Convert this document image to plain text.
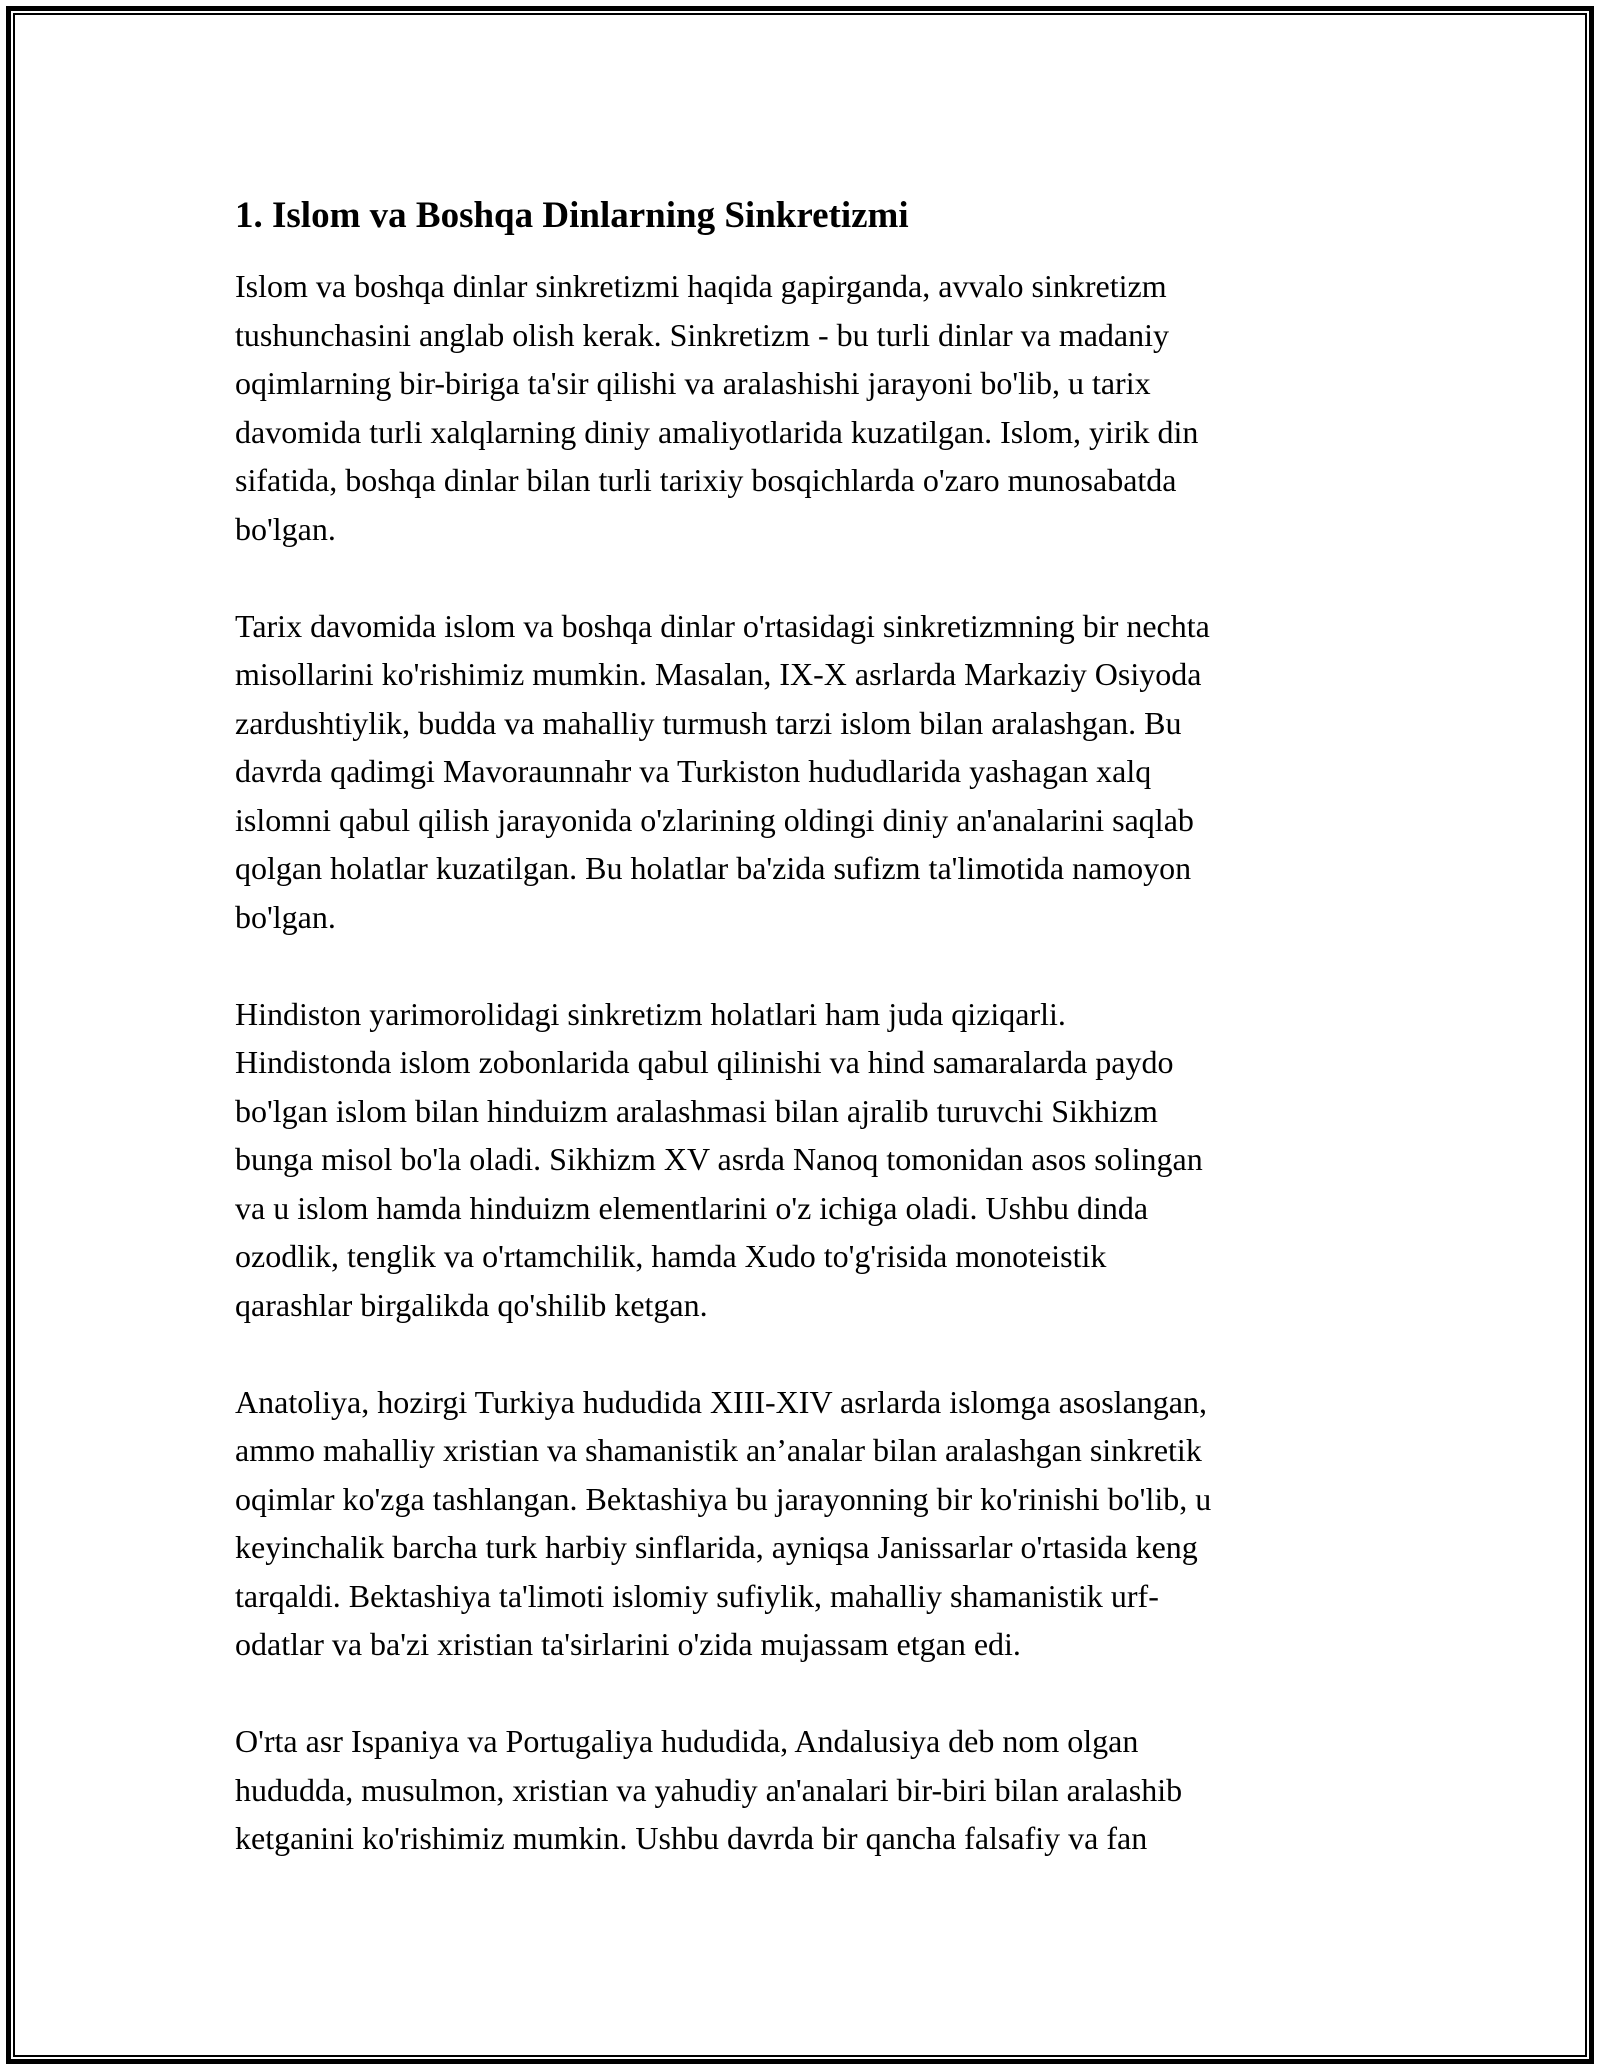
1. Islom va Boshqa Dinlarning Sinkretizmi
Islom va boshqa dinlar sinkretizmi haqida gapirganda, avvalo sinkretizm
tushunchasini anglab olish kerak. Sinkretizm - bu turli dinlar va madaniy
oqimlarning bir-biriga ta'sir qilishi va aralashishi jarayoni bo'lib, u tarix
davomida turli xalqlarning diniy amaliyotlarida kuzatilgan. Islom, yirik din
sifatida, boshqa dinlar bilan turli tarixiy bosqichlarda o'zaro munosabatda
bo'lgan.
Tarix davomida islom va boshqa dinlar o'rtasidagi sinkretizmning bir nechta
misollarini ko'rishimiz mumkin. Masalan, IX-X asrlarda Markaziy Osiyoda
zardushtiylik, budda va mahalliy turmush tarzi islom bilan aralashgan. Bu
davrda qadimgi Mavoraunnahr va Turkiston hududlarida yashagan xalq
islomni qabul qilish jarayonida o'zlarining oldingi diniy an'analarini saqlab
qolgan holatlar kuzatilgan. Bu holatlar ba'zida sufizm ta'limotida namoyon
bo'lgan.
Hindiston yarimorolidagi sinkretizm holatlari ham juda qiziqarli.
Hindistonda islom zobonlarida qabul qilinishi va hind samaralarda paydo
bo'lgan islom bilan hinduizm aralashmasi bilan ajralib turuvchi Sikhizm
bunga misol bo'la oladi. Sikhizm XV asrda Nanoq tomonidan asos solingan
va u islom hamda hinduizm elementlarini o'z ichiga oladi. Ushbu dinda
ozodlik, tenglik va o'rtamchilik, hamda Xudo to'g'risida monoteistik
qarashlar birgalikda qo'shilib ketgan.
Anatoliya, hozirgi Turkiya hududida XIII-XIV asrlarda islomga asoslangan,
ammo mahalliy xristian va shamanistik an’analar bilan aralashgan sinkretik
oqimlar ko'zga tashlangan. Bektashiya bu jarayonning bir ko'rinishi bo'lib, u
keyinchalik barcha turk harbiy sinflarida, ayniqsa Janissarlar o'rtasida keng
tarqaldi. Bektashiya ta'limoti islomiy sufiylik, mahalliy shamanistik urf-
odatlar va ba'zi xristian ta'sirlarini o'zida mujassam etgan edi.
O'rta asr Ispaniya va Portugaliya hududida, Andalusiya deb nom olgan
hududda, musulmon, xristian va yahudiy an'analari bir-biri bilan aralashib
ketganini ko'rishimiz mumkin. Ushbu davrda bir qancha falsafiy va fan
